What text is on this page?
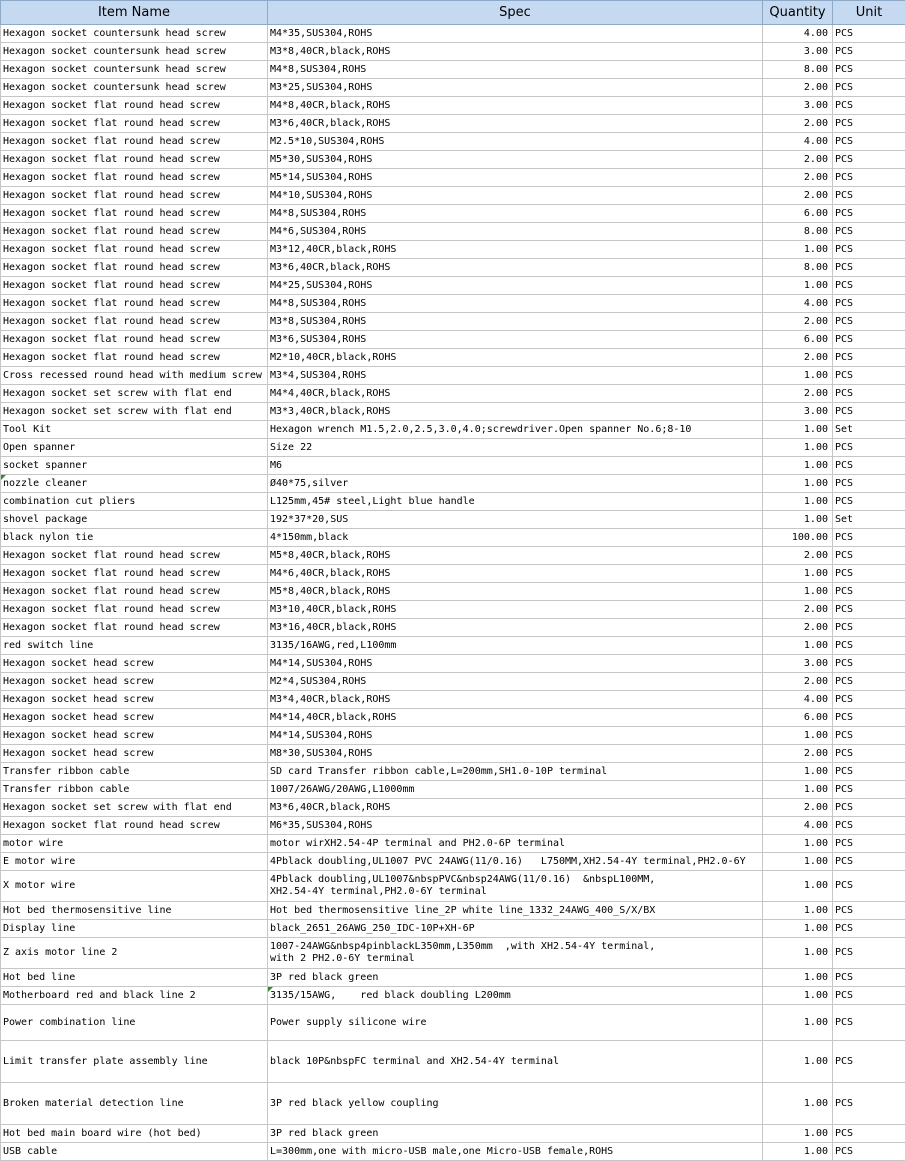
Item Name	Spec	Quantity	Unit
Hexagon socket countersunk head screw	M4*35,SUS304,ROHS	4.00	PCS
Hexagon socket countersunk head screw	M3*8,40CR,black,ROHS	3.00	PCS
Hexagon socket countersunk head screw	M4*8,SUS304,ROHS	8.00	PCS
Hexagon socket countersunk head screw	M3*25,SUS304,ROHS	2.00	PCS
Hexagon socket flat round head screw	M4*8,40CR,black,ROHS	3.00	PCS
Hexagon socket flat round head screw	M3*6,40CR,black,ROHS	2.00	PCS
Hexagon socket flat round head screw	M2.5*10,SUS304,ROHS	4.00	PCS
Hexagon socket flat round head screw	M5*30,SUS304,ROHS	2.00	PCS
Hexagon socket flat round head screw	M5*14,SUS304,ROHS	2.00	PCS
Hexagon socket flat round head screw	M4*10,SUS304,ROHS	2.00	PCS
Hexagon socket flat round head screw	M4*8,SUS304,ROHS	6.00	PCS
Hexagon socket flat round head screw	M4*6,SUS304,ROHS	8.00	PCS
Hexagon socket flat round head screw	M3*12,40CR,black,ROHS	1.00	PCS
Hexagon socket flat round head screw	M3*6,40CR,black,ROHS	8.00	PCS
Hexagon socket flat round head screw	M4*25,SUS304,ROHS	1.00	PCS
Hexagon socket flat round head screw	M4*8,SUS304,ROHS	4.00	PCS
Hexagon socket flat round head screw	M3*8,SUS304,ROHS	2.00	PCS
Hexagon socket flat round head screw	M3*6,SUS304,ROHS	6.00	PCS
Hexagon socket flat round head screw	M2*10,40CR,black,ROHS	2.00	PCS
Cross recessed round head with medium screw	M3*4,SUS304,ROHS	1.00	PCS
Hexagon socket set screw with flat end	M4*4,40CR,black,ROHS	2.00	PCS
Hexagon socket set screw with flat end	M3*3,40CR,black,ROHS	3.00	PCS
Tool Kit	Hexagon wrench M1.5,2.0,2.5,3.0,4.0;screwdriver.Open spanner No.6;8-10	1.00	Set
Open spanner	Size 22	1.00	PCS
socket spanner	M6	1.00	PCS
nozzle cleaner	Ø40*75,silver	1.00	PCS
combination cut pliers	L125mm,45# steel,Light blue handle	1.00	PCS
shovel package	192*37*20,SUS	1.00	Set
black nylon tie	4*150mm,black	100.00	PCS
Hexagon socket flat round head screw	M5*8,40CR,black,ROHS	2.00	PCS
Hexagon socket flat round head screw	M4*6,40CR,black,ROHS	1.00	PCS
Hexagon socket flat round head screw	M5*8,40CR,black,ROHS	1.00	PCS
Hexagon socket flat round head screw	M3*10,40CR,black,ROHS	2.00	PCS
Hexagon socket flat round head screw	M3*16,40CR,black,ROHS	2.00	PCS
red switch line	3135/16AWG,red,L100mm	1.00	PCS
Hexagon socket head screw	M4*14,SUS304,ROHS	3.00	PCS
Hexagon socket head screw	M2*4,SUS304,ROHS	2.00	PCS
Hexagon socket head screw	M3*4,40CR,black,ROHS	4.00	PCS
Hexagon socket head screw	M4*14,40CR,black,ROHS	6.00	PCS
Hexagon socket head screw	M4*14,SUS304,ROHS	1.00	PCS
Hexagon socket head screw	M8*30,SUS304,ROHS	2.00	PCS
Transfer ribbon cable	SD card Transfer ribbon cable,L=200mm,SH1.0-10P terminal	1.00	PCS
Transfer ribbon cable	1007/26AWG/20AWG,L1000mm	1.00	PCS
Hexagon socket set screw with flat end	M3*6,40CR,black,ROHS	2.00	PCS
Hexagon socket flat round head screw	M6*35,SUS304,ROHS	4.00	PCS
motor wire	motor wirXH2.54-4P terminal and PH2.0-6P terminal	1.00	PCS
E motor wire	4Pblack doubling,UL1007 PVC 24AWG(11/0.16)   L750MM,XH2.54-4Y terminal,PH2.0-6Y	1.00	PCS
X motor wire	4Pblack doubling,UL1007&nbspPVC&nbsp24AWG(11/0.16)  &nbspL100MM,
XH2.54-4Y terminal,PH2.0-6Y terminal	1.00	PCS
Hot bed thermosensitive line	Hot bed thermosensitive line_2P white line_1332_24AWG_400_S/X/BX	1.00	PCS
Display line	black_2651_26AWG_250_IDC-10P+XH-6P	1.00	PCS
Z axis motor line 2	1007-24AWG&nbsp4pinblackL350mm,L350mm  ,with XH2.54-4Y terminal,
with 2 PH2.0-6Y terminal	1.00	PCS
Hot bed line	3P red black green	1.00	PCS
Motherboard red and black line 2	3135/15AWG,    red black doubling L200mm	1.00	PCS
Power combination line	Power supply silicone wire	1.00	PCS
Limit transfer plate assembly line	black 10P&nbspFC terminal and XH2.54-4Y terminal	1.00	PCS
Broken material detection line	3P red black yellow coupling	1.00	PCS
Hot bed main board wire (hot bed)	3P red black green	1.00	PCS
USB cable	L=300mm,one with micro-USB male,one Micro-USB female,ROHS	1.00	PCS
